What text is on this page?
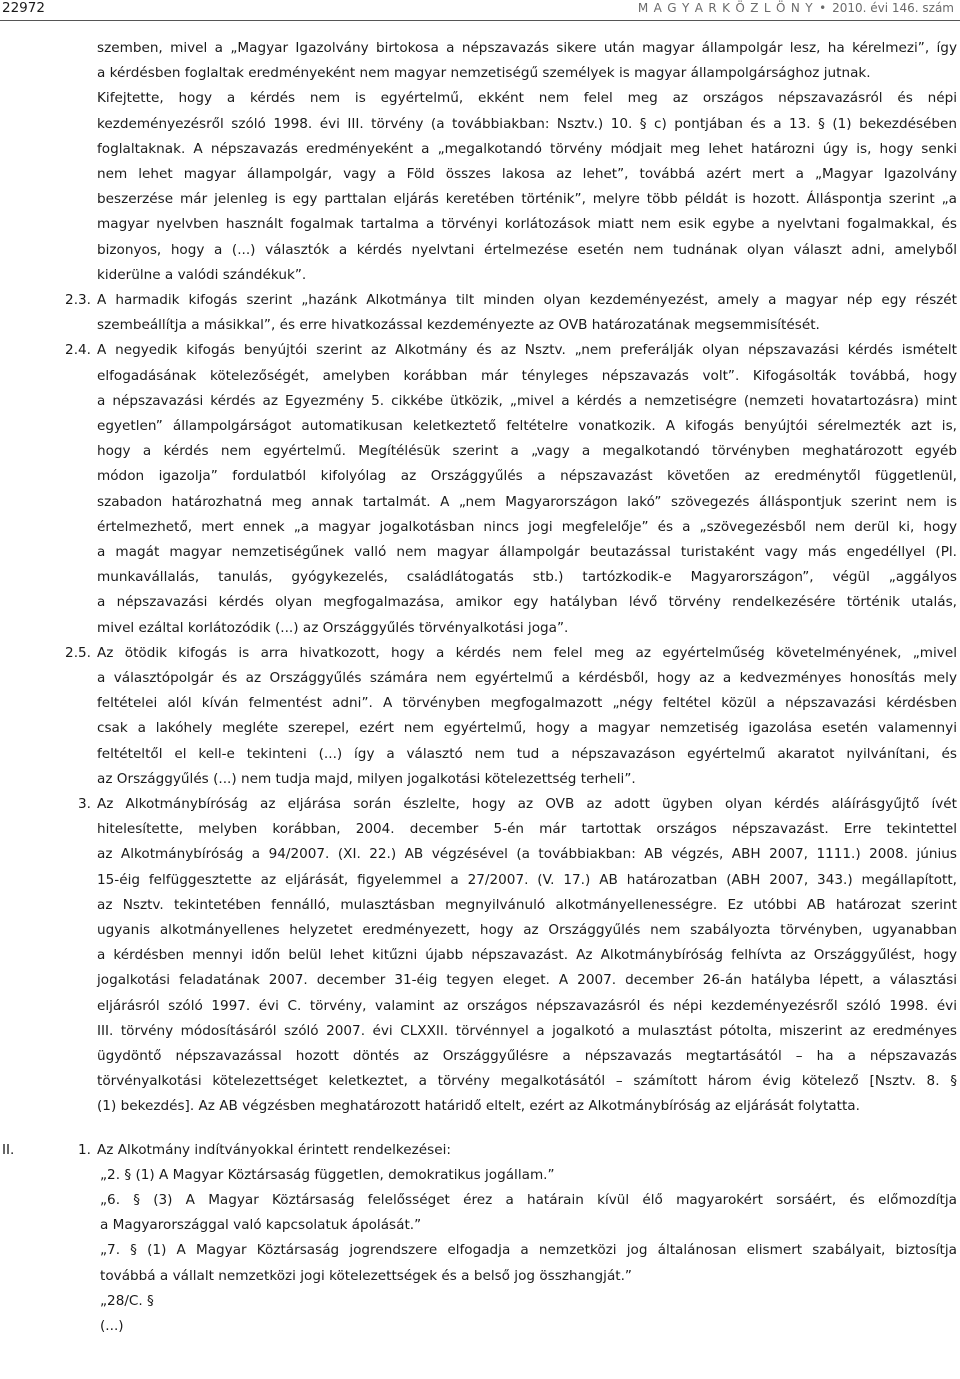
22972	M A G Y A R K Ö Z L Ö N Y • 2010. évi 146. szám
szemben, mivel a „Magyar Igazolvány birtokosa a népszavazás sikere után magyar állampolgár lesz, ha kérelmezi”, így
a kérdésben foglaltak eredményeként nem magyar nemzetiségű személyek is magyar állampolgársághoz jutnak.
Kifejtette, hogy a kérdés nem is egyértelmű, ekként nem felel meg az országos népszavazásról és népi
kezdeményezésről szóló 1998. évi III. törvény (a továbbiakban: Nsztv.) 10. § c) pontjában és a 13. § (1) bekezdésében
foglaltaknak. A népszavazás eredményeként a „megalkotandó törvény módjait meg lehet határozni úgy is, hogy senki
nem lehet magyar állampolgár, vagy a Föld összes lakosa az lehet”, továbbá azért mert a „Magyar Igazolvány
beszerzése már jelenleg is egy parttalan eljárás keretében történik”, melyre több példát is hozott. Álláspontja szerint „a
magyar nyelvben használt fogalmak tartalma a törvényi korlátozások miatt nem esik egybe a nyelvtani fogalmakkal, és
bizonyos, hogy a (...) választók a kérdés nyelvtani értelmezése esetén nem tudnának olyan választ adni, amelyből
kiderülne a valódi szándékuk”.
2.3. A harmadik kifogás szerint „hazánk Alkotmánya tilt minden olyan kezdeményezést, amely a magyar nép egy részét
szembeállítja a másikkal”, és erre hivatkozással kezdeményezte az OVB határozatának megsemmisítését.
2.4. A negyedik kifogás benyújtói szerint az Alkotmány és az Nsztv. „nem preferálják olyan népszavazási kérdés ismételt
elfogadásának kötelezőségét, amelyben korábban már tényleges népszavazás volt”. Kifogásolták továbbá, hogy
a népszavazási kérdés az Egyezmény 5. cikkébe ütközik, „mivel a kérdés a nemzetiségre (nemzeti hovatartozásra) mint
egyetlen” állampolgárságot automatikusan keletkeztető feltételre vonatkozik. A kifogás benyújtói sérelmezték azt is,
hogy a kérdés nem egyértelmű. Megítélésük szerint a „vagy a megalkotandó törvényben meghatározott egyéb
módon igazolja” fordulatból kifolyólag az Országgyűlés a népszavazást követően az eredménytől függetlenül,
szabadon határozhatná meg annak tartalmát. A „nem Magyarországon lakó” szövegezés álláspontjuk szerint nem is
értelmezhető, mert ennek „a magyar jogalkotásban nincs jogi megfelelője” és a „szövegezésből nem derül ki, hogy
a magát magyar nemzetiségűnek valló nem magyar állampolgár beutazással turistaként vagy más engedéllyel (Pl.
munkavállalás, tanulás, gyógykezelés, családlátogatás stb.) tartózkodik-e Magyarországon”, végül „aggályos
a népszavazási kérdés olyan megfogalmazása, amikor egy hatályban lévő törvény rendelkezésére történik utalás,
mivel ezáltal korlátozódik (...) az Országgyűlés törvényalkotási joga”.
2.5. Az ötödik kifogás is arra hivatkozott, hogy a kérdés nem felel meg az egyértelműség követelményének, „mivel
a választópolgár és az Országgyűlés számára nem egyértelmű a kérdésből, hogy az a kedvezményes honosítás mely
feltételei alól kíván felmentést adni”. A törvényben megfogalmazott „négy feltétel közül a népszavazási kérdésben
csak a lakóhely megléte szerepel, ezért nem egyértelmű, hogy a magyar nemzetiség igazolása esetén valamennyi
feltételtől el kell-e tekinteni (...) így a választó nem tud a népszavazáson egyértelmű akaratot nyilvánítani, és
az Országgyűlés (...) nem tudja majd, milyen jogalkotási kötelezettség terheli”.
3. Az Alkotmánybíróság az eljárása során észlelte, hogy az OVB az adott ügyben olyan kérdés aláírásgyűjtő ívét
hitelesítette, melyben korábban, 2004. december 5-én már tartottak országos népszavazást. Erre tekintettel
az Alkotmánybíróság a 94/2007. (XI. 22.) AB végzésével (a továbbiakban: AB végzés, ABH 2007, 1111.) 2008. június
15-éig felfüggesztette az eljárását, figyelemmel a 27/2007. (V. 17.) AB határozatban (ABH 2007, 343.) megállapított,
az Nsztv. tekintetében fennálló, mulasztásban megnyilvánuló alkotmányellenességre. Ez utóbbi AB határozat szerint
ugyanis alkotmányellenes helyzetet eredményezett, hogy az Országgyűlés nem szabályozta törvényben, ugyanabban
a kérdésben mennyi időn belül lehet kitűzni újabb népszavazást. Az Alkotmánybíróság felhívta az Országgyűlést, hogy
jogalkotási feladatának 2007. december 31-éig tegyen eleget. A 2007. december 26-án hatályba lépett, a választási
eljárásról szóló 1997. évi C. törvény, valamint az országos népszavazásról és népi kezdeményezésről szóló 1998. évi
III. törvény módosításáról szóló 2007. évi CLXXII. törvénnyel a jogalkotó a mulasztást pótolta, miszerint az eredményes
ügydöntő népszavazással hozott döntés az Országgyűlésre a népszavazás megtartásától – ha a népszavazás
törvényalkotási kötelezettséget keletkeztet, a törvény megalkotásától – számított három évig kötelező [Nsztv. 8. §
(1) bekezdés]. Az AB végzésben meghatározott határidő eltelt, ezért az Alkotmánybíróság az eljárását folytatta.
II.	1. Az Alkotmány indítványokkal érintett rendelkezései:
„2. § (1) A Magyar Köztársaság független, demokratikus jogállam.”
„6. § (3) A Magyar Köztársaság felelősséget érez a határain kívül élő magyarokért sorsáért, és előmozdítja
a Magyarországgal való kapcsolatuk ápolását.”
„7. § (1) A Magyar Köztársaság jogrendszere elfogadja a nemzetközi jog általánosan elismert szabályait, biztosítja
továbbá a vállalt nemzetközi jogi kötelezettségek és a belső jog összhangját.”
„28/C. §
(...)
